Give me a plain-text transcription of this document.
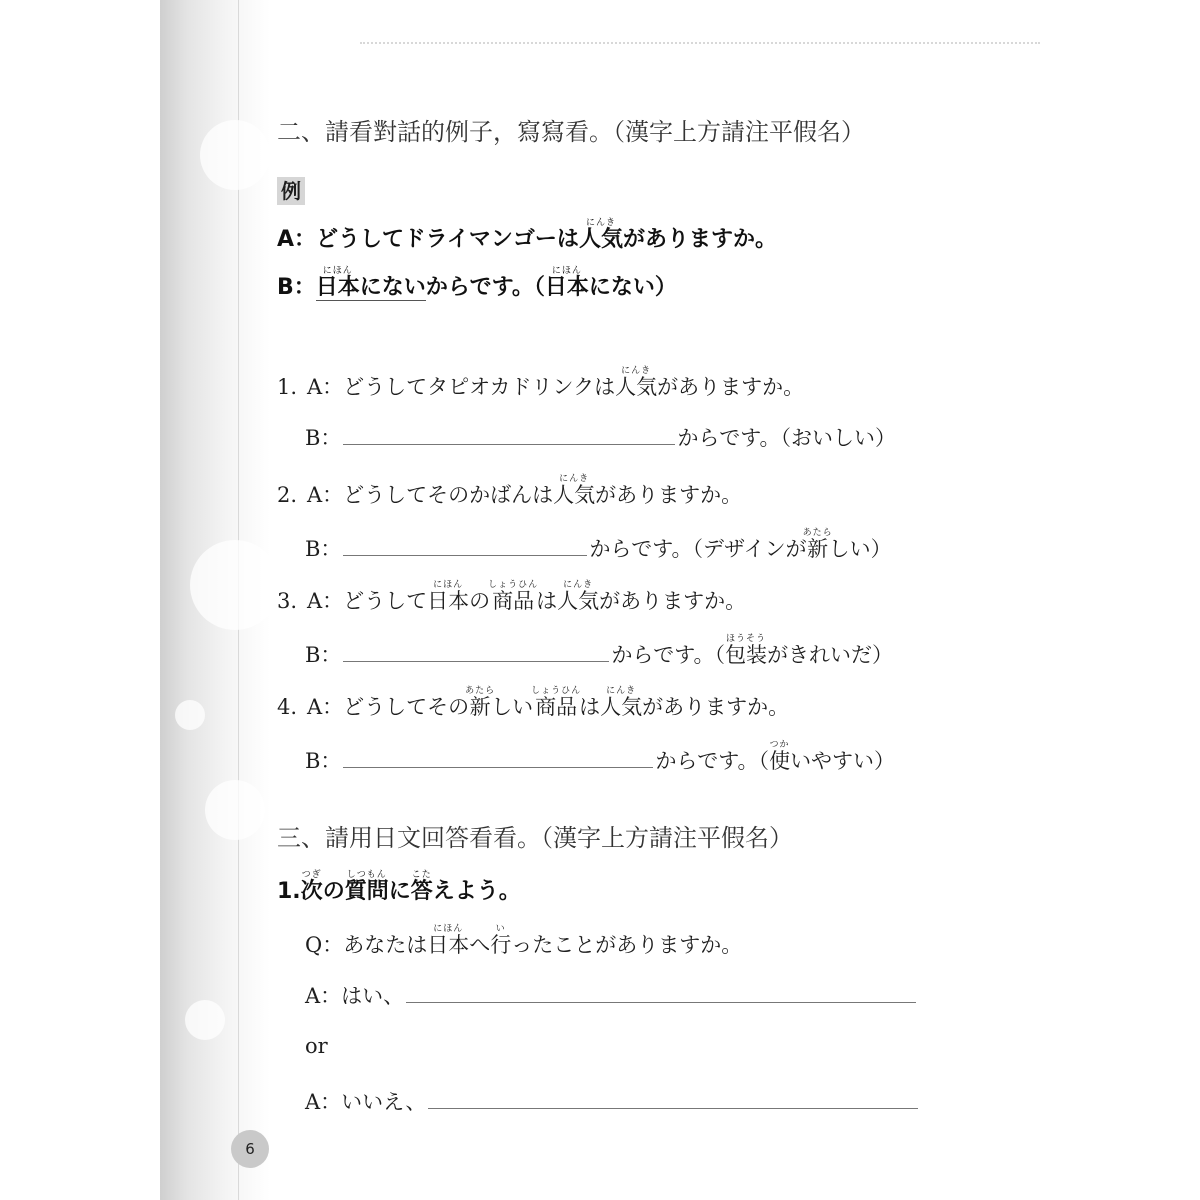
二、請看對話的例子，寫寫看。（漢字上方請注平假名）
例
A：どうしてドライマンゴーは人気にんきがありますか。
B：日本にほんにないからです。（日本にほんにない）
1. A：どうしてタピオカドリンクは人気にんきがありますか。
B：	からです。（おいしい）
2. A：どうしてそのかばんは人気にんきがありますか。
B：	からです。（デザインが新あたらしい）
3. A：どうして日本にほんの商品しょうひんは人気にんきがありますか。
B：	からです。（包装ほうそうがきれいだ）
4. A：どうしてその新あたらしい商品しょうひんは人気にんきがありますか。
B：	からです。（使つかいやすい）
三、請用日文回答看看。（漢字上方請注平假名）
1.次つぎの質問しつもんに答こたえよう。
Q：あなたは日本にほんへ行いったことがありますか。
A：はい、
or
A：いいえ、
6
